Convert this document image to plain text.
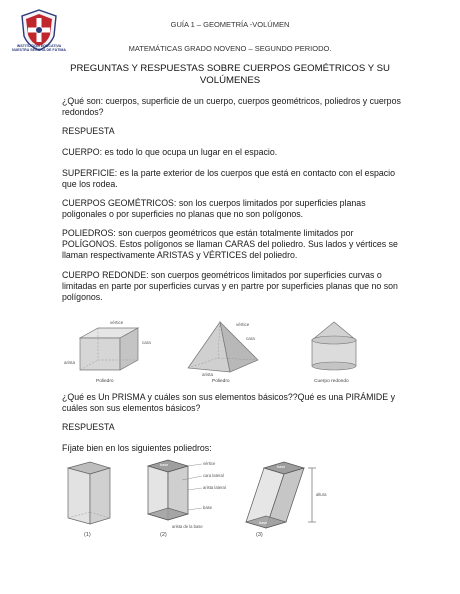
INSTITUCIÓN EDUCATIVA NUESTRA SEÑORA DE FÁTIMA
GUÍA 1 – GEOMETRÍA -VOLÚMEN
MATEMÁTICAS GRADO NOVENO – SEGUNDO PERIODO.
PREGUNTAS Y RESPUESTAS SOBRE CUERPOS GEOMÉTRICOS Y SU VOLÚMENES
¿Qué son: cuerpos, superficie de un cuerpo, cuerpos geométricos, poliedros y cuerpos redondos?
RESPUESTA
CUERPO: es todo lo que ocupa un lugar en el espacio.
SUPERFICIE: es la parte exterior de los cuerpos que está en contacto con el espacio que los rodea.
CUERPOS GEOMÉTRICOS: son los cuerpos limitados por superficies planas poligonales o por superficies no planas que no son polígonos.
POLIEDROS: son cuerpos geométricos que están totalmente limitados por POLÍGONOS. Estos polígonos se llaman CARAS del poliedro. Sus lados y vértices se llaman respectivamente ARISTAS y VÉRTICES del poliedro.
CUERPO REDONDE: son cuerpos geométricos limitados por superficies curvas o limitadas en parte por superficies curvas y en partre por superficies planas que no son polígonos.
vértice
cara
arista
Poliedro
vértice
cara
arista
Poliedro	Cuerpo redondo
¿Qué es Un PRISMA y cuáles son sus elementos básicos??Qué es una PIRÁMIDE y cuáles son sus elementos básicos?
RESPUESTA
Fíjate bien en los siguientes poliedros:
(1)
base	vértice
cara lateral
arista lateral
base
arista de la base
(2)
base
altura
base
(3)
